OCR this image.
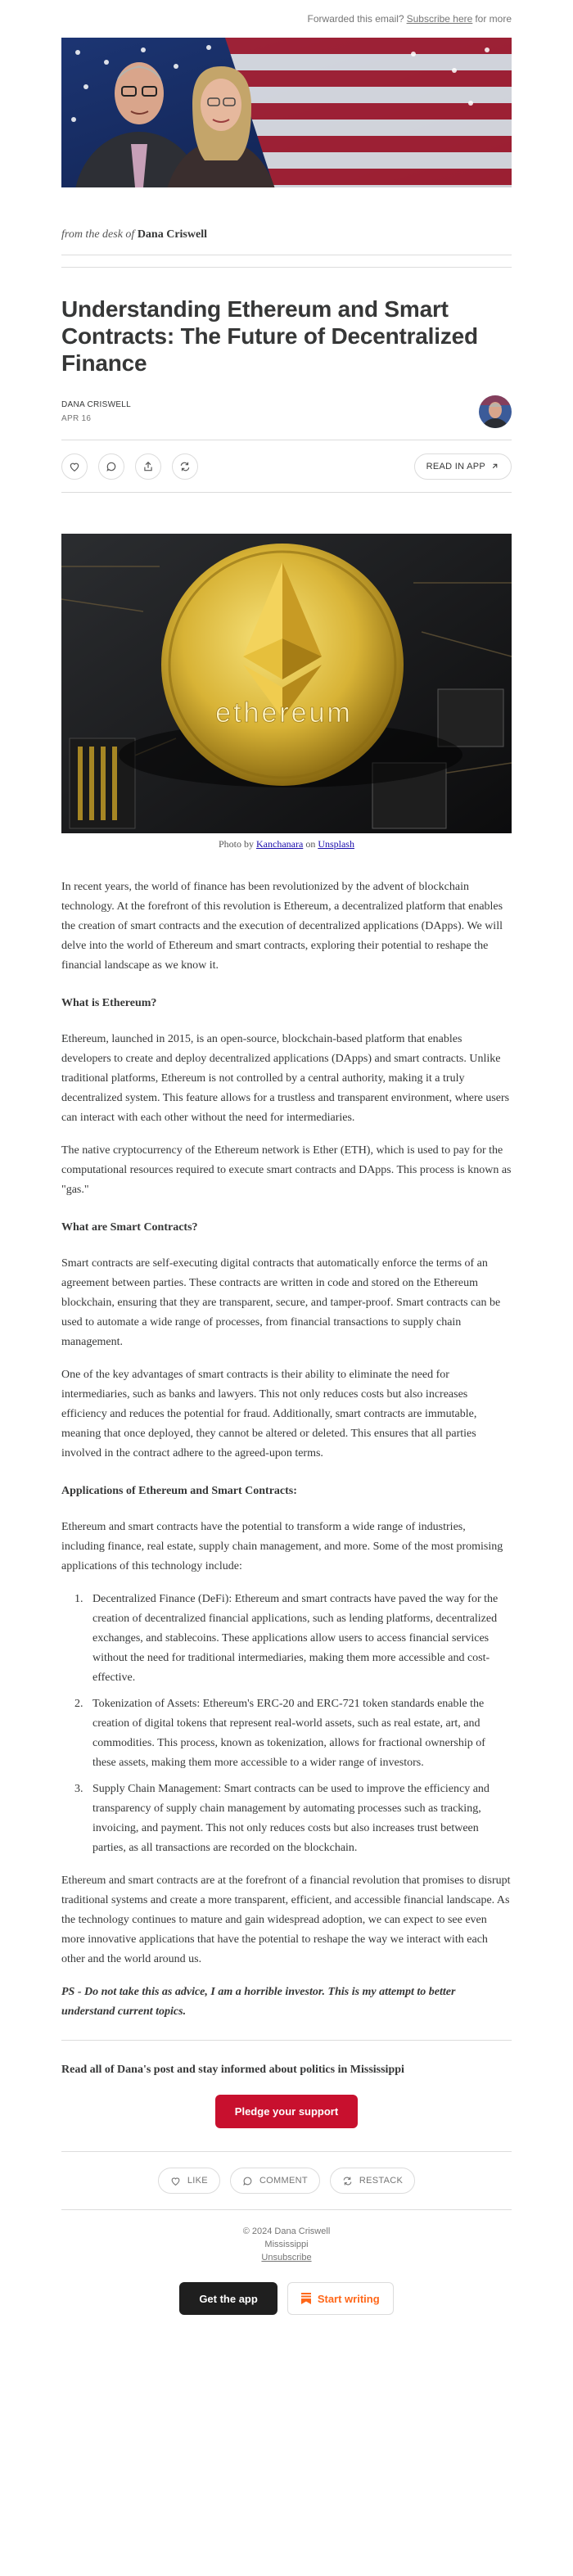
Forwarded this email? Subscribe here for more
from the desk of Dana Criswell
Understanding Ethereum and Smart Contracts: The Future of Decentralized Finance
DANA CRISWELL
APR 16
READ IN APP
ethereum
Photo by Kanchanara on Unsplash

In recent years, the world of finance has been revolutionized by the advent of blockchain technology. At the forefront of this revolution is Ethereum, a decentralized platform that enables the creation of smart contracts and the execution of decentralized applications (DApps). We will delve into the world of Ethereum and smart contracts, exploring their potential to reshape the financial landscape as we know it.

What is Ethereum?

Ethereum, launched in 2015, is an open-source, blockchain-based platform that enables developers to create and deploy decentralized applications (DApps) and smart contracts. Unlike traditional platforms, Ethereum is not controlled by a central authority, making it a truly decentralized system. This feature allows for a trustless and transparent environment, where users can interact with each other without the need for intermediaries.

The native cryptocurrency of the Ethereum network is Ether (ETH), which is used to pay for the computational resources required to execute smart contracts and DApps. This process is known as "gas."

What are Smart Contracts?

Smart contracts are self-executing digital contracts that automatically enforce the terms of an agreement between parties. These contracts are written in code and stored on the Ethereum blockchain, ensuring that they are transparent, secure, and tamper-proof. Smart contracts can be used to automate a wide range of processes, from financial transactions to supply chain management.

One of the key advantages of smart contracts is their ability to eliminate the need for intermediaries, such as banks and lawyers. This not only reduces costs but also increases efficiency and reduces the potential for fraud. Additionally, smart contracts are immutable, meaning that once deployed, they cannot be altered or deleted. This ensures that all parties involved in the contract adhere to the agreed-upon terms.

Applications of Ethereum and Smart Contracts:

Ethereum and smart contracts have the potential to transform a wide range of industries, including finance, real estate, supply chain management, and more. Some of the most promising applications of this technology include:

1. Decentralized Finance (DeFi): Ethereum and smart contracts have paved the way for the creation of decentralized financial applications, such as lending platforms, decentralized exchanges, and stablecoins. These applications allow users to access financial services without the need for traditional intermediaries, making them more accessible and cost-effective.
2. Tokenization of Assets: Ethereum's ERC-20 and ERC-721 token standards enable the creation of digital tokens that represent real-world assets, such as real estate, art, and commodities. This process, known as tokenization, allows for fractional ownership of these assets, making them more accessible to a wider range of investors.
3. Supply Chain Management: Smart contracts can be used to improve the efficiency and transparency of supply chain management by automating processes such as tracking, invoicing, and payment. This not only reduces costs but also increases trust between parties, as all transactions are recorded on the blockchain.

Ethereum and smart contracts are at the forefront of a financial revolution that promises to disrupt traditional systems and create a more transparent, efficient, and accessible financial landscape. As the technology continues to mature and gain widespread adoption, we can expect to see even more innovative applications that have the potential to reshape the way we interact with each other and the world around us.

PS - Do not take this as advice, I am a horrible investor. This is my attempt to better understand current topics.

Read all of Dana's post and stay informed about politics in Mississippi
Pledge your support
LIKE	COMMENT	RESTACK
© 2024 Dana Criswell
Mississippi
Unsubscribe
Get the app	Start writing
